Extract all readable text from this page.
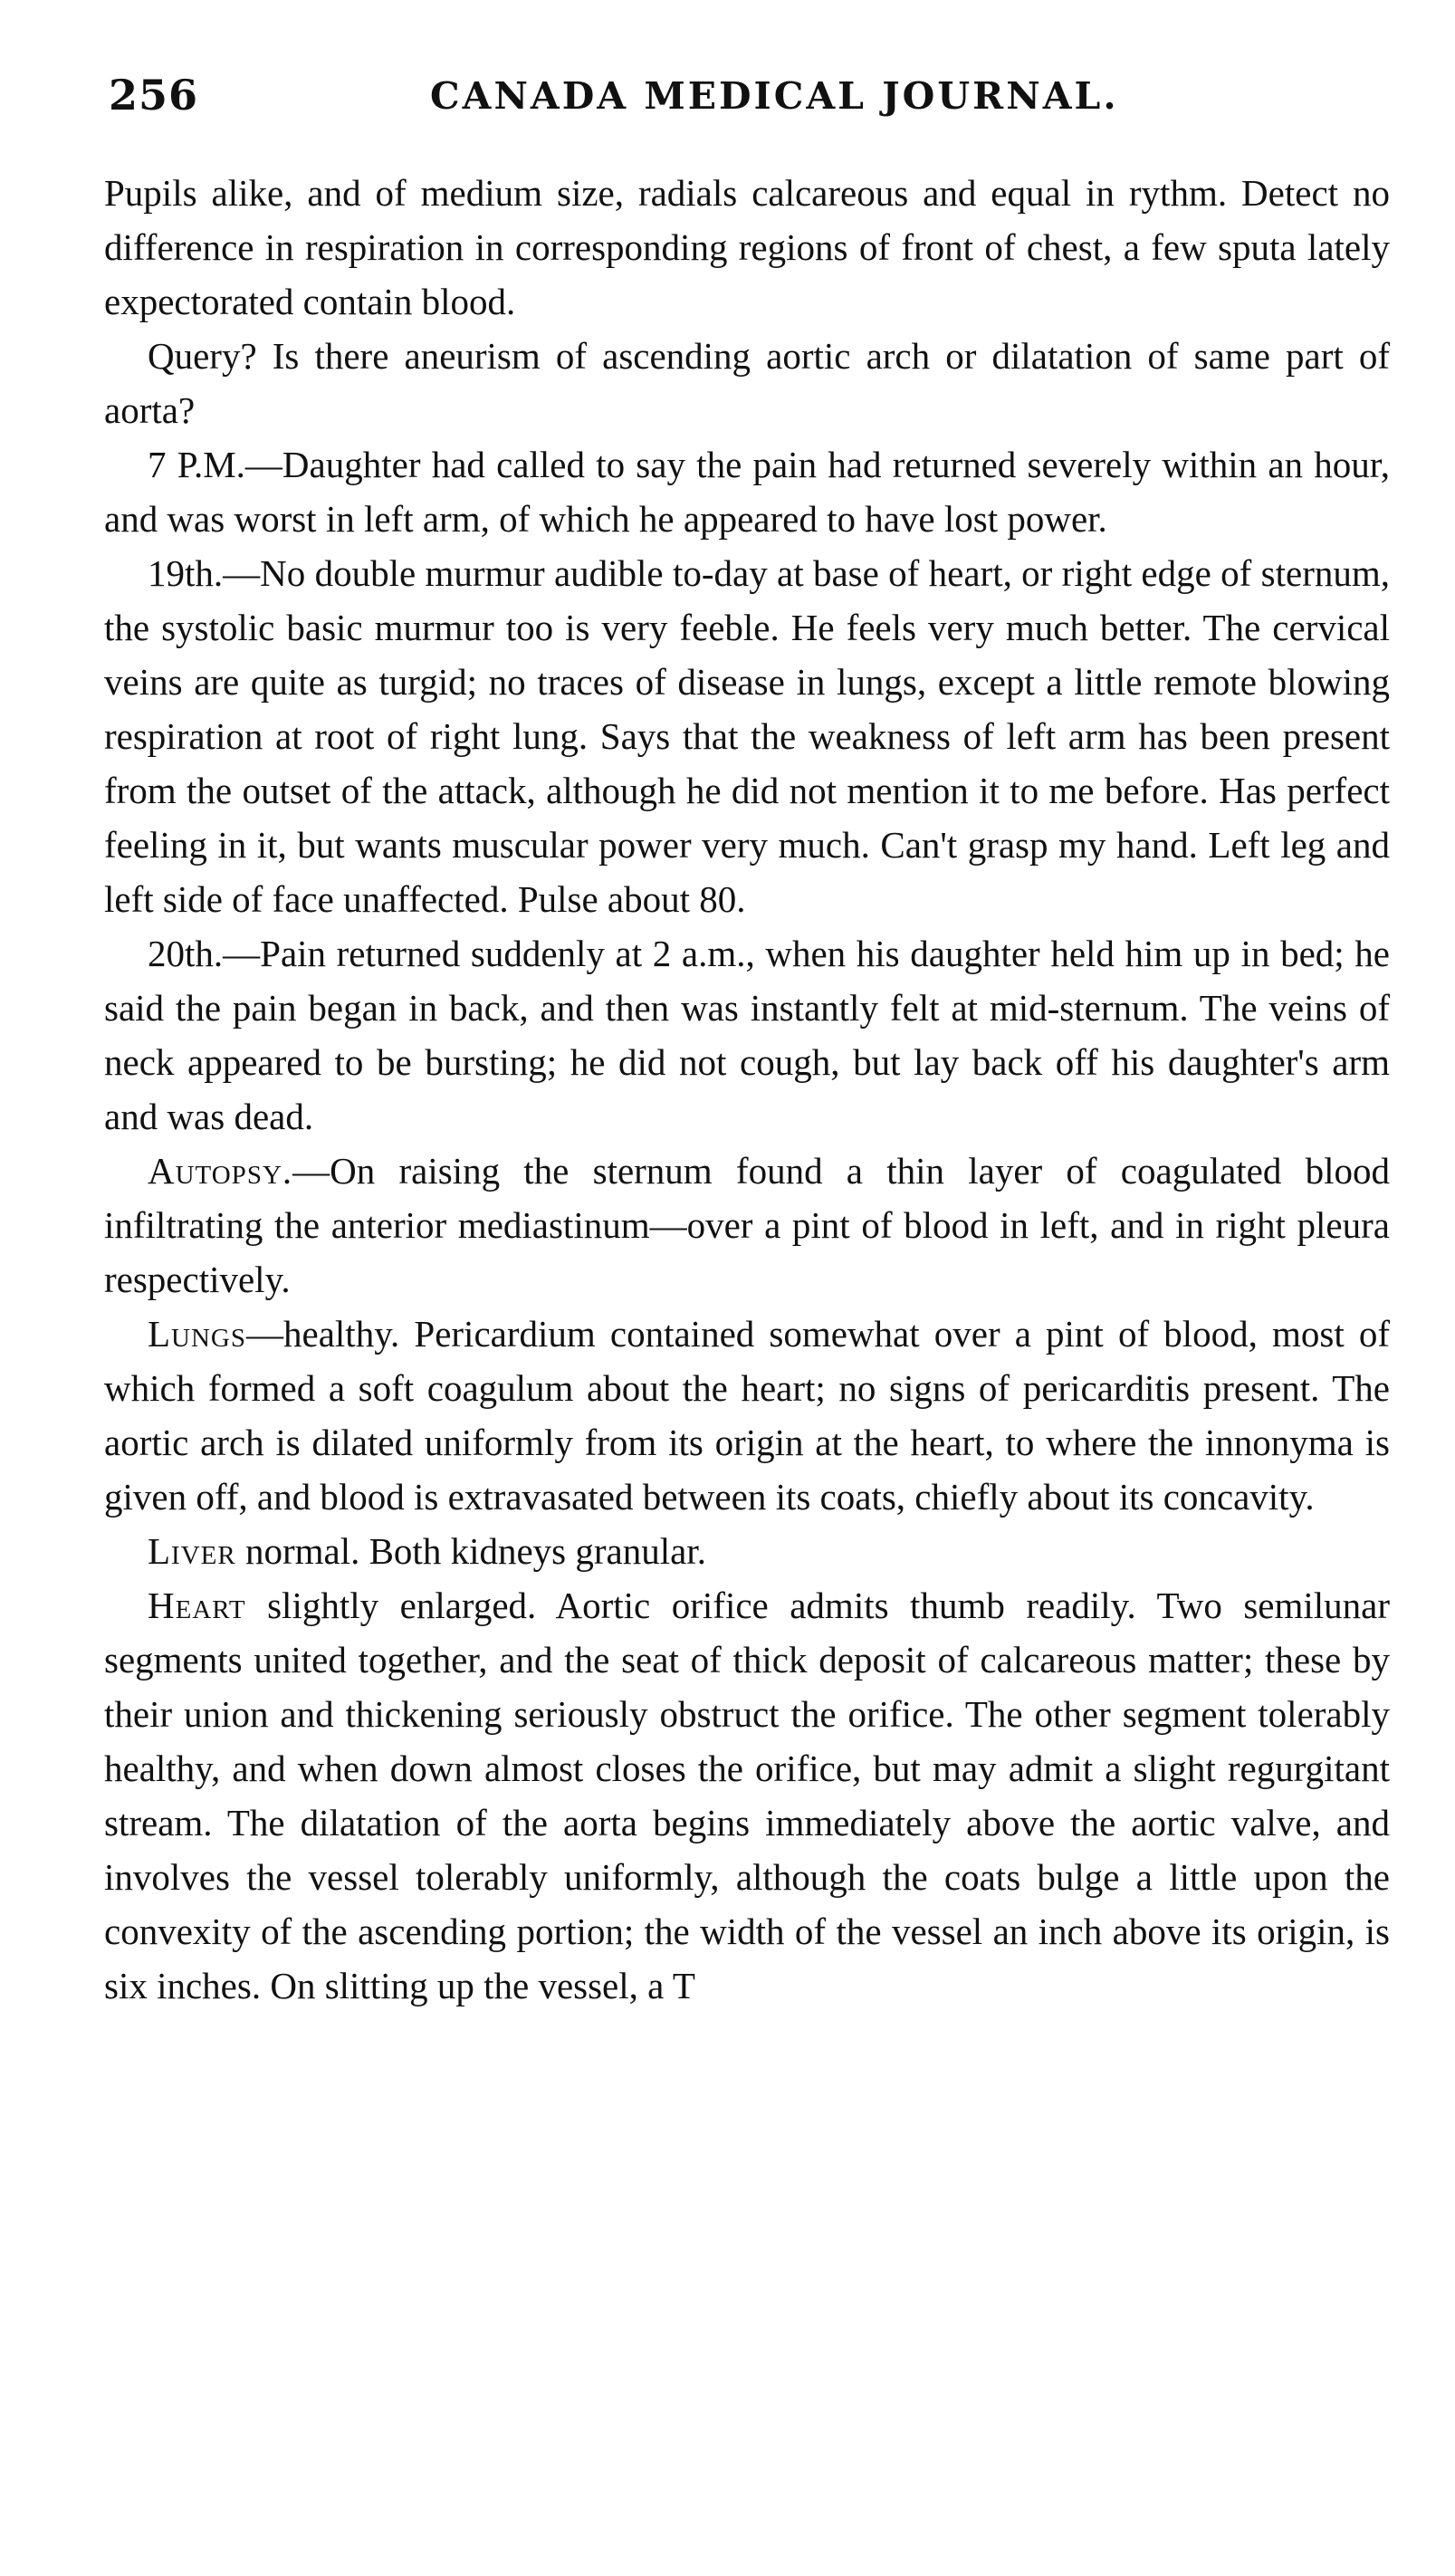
256	CANADA MEDICAL JOURNAL.

Pupils alike, and of medium size, radials calcareous and equal in rythm. Detect no difference in respiration in corresponding regions of front of chest, a few sputa lately expectorated contain blood.

Query? Is there aneurism of ascending aortic arch or dilatation of same part of aorta?

7 P.M.—Daughter had called to say the pain had returned severely within an hour, and was worst in left arm, of which he appeared to have lost power.

19th.—No double murmur audible to-day at base of heart, or right edge of sternum, the systolic basic murmur too is very feeble. He feels very much better. The cervical veins are quite as turgid; no traces of disease in lungs, except a little remote blowing respiration at root of right lung. Says that the weakness of left arm has been present from the outset of the attack, although he did not mention it to me before. Has perfect feeling in it, but wants muscular power very much. Can't grasp my hand. Left leg and left side of face unaffected. Pulse about 80.

20th.—Pain returned suddenly at 2 a.m., when his daughter held him up in bed; he said the pain began in back, and then was instantly felt at mid-sternum. The veins of neck appeared to be bursting; he did not cough, but lay back off his daughter's arm and was dead.

Autopsy.—On raising the sternum found a thin layer of coagulated blood infiltrating the anterior mediastinum—over a pint of blood in left, and in right pleura respectively.

Lungs—healthy. Pericardium contained somewhat over a pint of blood, most of which formed a soft coagulum about the heart; no signs of pericarditis present. The aortic arch is dilated uniformly from its origin at the heart, to where the innonyma is given off, and blood is extravasated between its coats, chiefly about its concavity.

Liver normal. Both kidneys granular.

Heart slightly enlarged. Aortic orifice admits thumb readily. Two semilunar segments united together, and the seat of thick deposit of calcareous matter; these by their union and thickening seriously obstruct the orifice. The other segment tolerably healthy, and when down almost closes the orifice, but may admit a slight regurgitant stream. The dilatation of the aorta begins immediately above the aortic valve, and involves the vessel tolerably uniformly, although the coats bulge a little upon the convexity of the ascending portion; the width of the vessel an inch above its origin, is six inches. On slitting up the vessel, a T
